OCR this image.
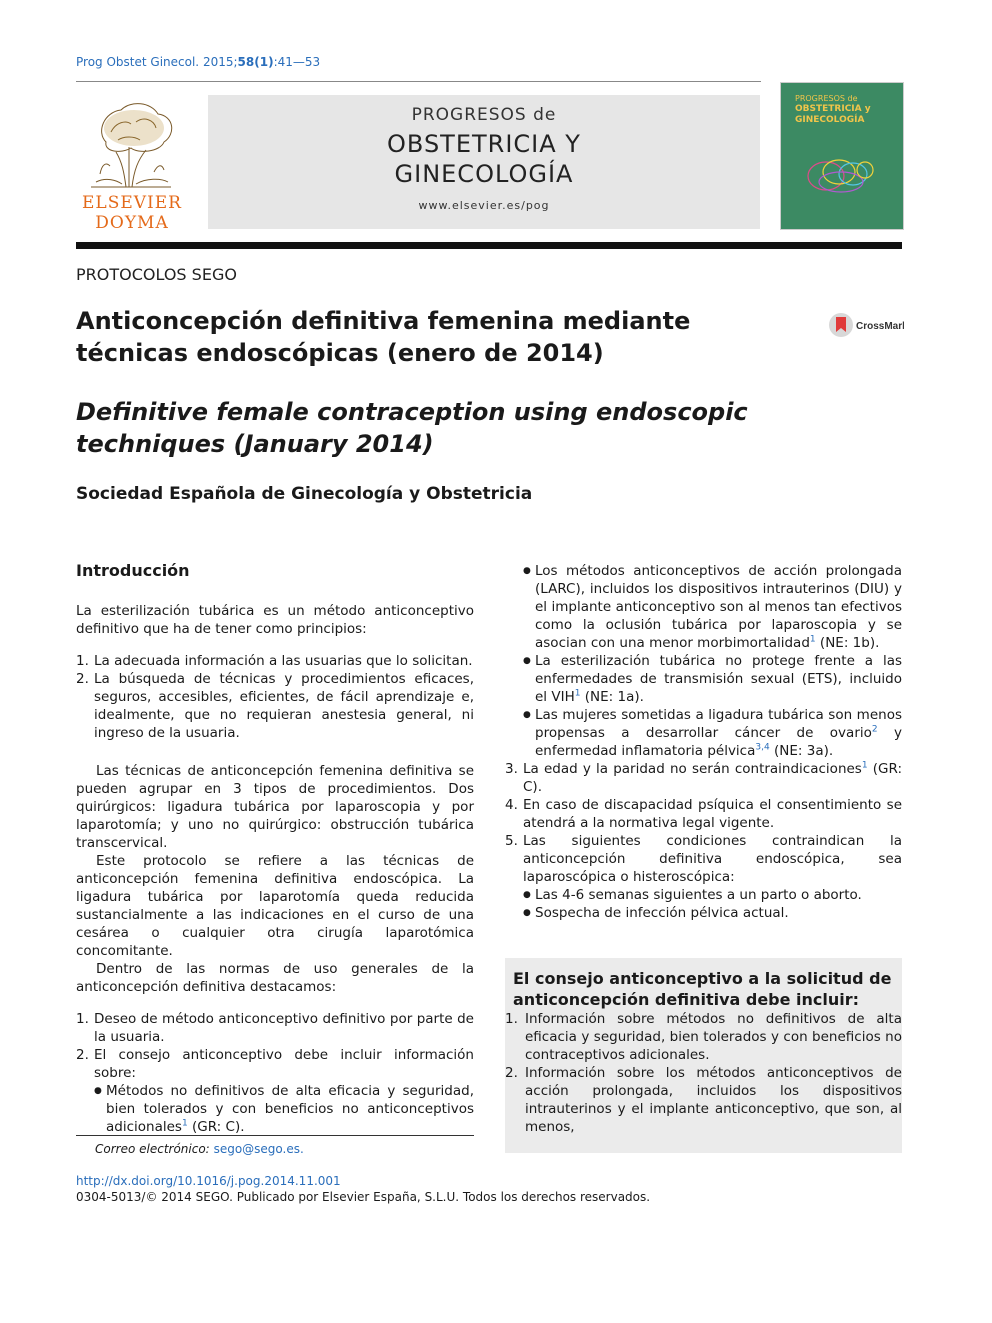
Prog Obstet Ginecol. 2015;58(1):41—53
ELSEVIER
DOYMA
PROGRESOS de
OBSTETRICIA Y
GINECOLOGÍA
www.elsevier.es/pog
PROGRESOS de
OBSTETRICIA y
GINECOLOGÍA
PROTOCOLOS SEGO
Anticoncepción definitiva femenina mediante técnicas endoscópicas (enero de 2014)
CrossMark
Definitive female contraception using endoscopic techniques (January 2014)
Sociedad Española de Ginecología y Obstetricia
Introducción

La esterilización tubárica es un método anticonceptivo definitivo que ha de tener como principios:

1. La adecuada información a las usuarias que lo solicitan.
2. La búsqueda de técnicas y procedimientos eficaces, seguros, accesibles, eficientes, de fácil aprendizaje e, idealmente, que no requieran anestesia general, ni ingreso de la usuaria.

Las técnicas de anticoncepción femenina definitiva se pueden agrupar en 3 tipos de procedimientos. Dos quirúrgicos: ligadura tubárica por laparoscopia y por laparotomía; y uno no quirúrgico: obstrucción tubárica transcervical.

Este protocolo se refiere a las técnicas de anticoncepción femenina definitiva endoscópica. La ligadura tubárica por laparotomía queda reducida sustancialmente a las indicaciones en el curso de una cesárea o cualquier otra cirugía laparotómica concomitante.

Dentro de las normas de uso generales de la anticoncepción definitiva destacamos:

1. Deseo de método anticonceptivo definitivo por parte de la usuaria.
2. El consejo anticonceptivo debe incluir información sobre:
● Métodos no definitivos de alta eficacia y seguridad, bien tolerados y con beneficios no anticonceptivos adicionales$^1$ (GR: C).
● Los métodos anticonceptivos de acción prolongada (LARC), incluidos los dispositivos intrauterinos (DIU) y el implante anticonceptivo son al menos tan efectivos como la oclusión tubárica por laparoscopia y se asocian con una menor morbimortalidad$^1$ (NE: 1b).
● La esterilización tubárica no protege frente a las enfermedades de transmisión sexual (ETS), incluido el VIH$^1$ (NE: 1a).
● Las mujeres sometidas a ligadura tubárica son menos propensas a desarrollar cáncer de ovario$^2$ y enfermedad inflamatoria pélvica$^{3,4}$ (NE: 3a).
3. La edad y la paridad no serán contraindicaciones$^1$ (GR: C).
4. En caso de discapacidad psíquica el consentimiento se atendrá a la normativa legal vigente.
5. Las siguientes condiciones contraindican la anticoncepción definitiva endoscópica, sea laparoscópica o histeroscópica:
● Las 4-6 semanas siguientes a un parto o aborto.
● Sospecha de infección pélvica actual.
El consejo anticonceptivo a la solicitud de anticoncepción definitiva debe incluir:
1. Información sobre métodos no definitivos de alta eficacia y seguridad, bien tolerados y con beneficios no contraceptivos adicionales.
2. Información sobre los métodos anticonceptivos de acción prolongada, incluidos los dispositivos intrauterinos y el implante anticonceptivo, que son, al menos,
Correo electrónico: sego@sego.es.
http://dx.doi.org/10.1016/j.pog.2014.11.001
0304-5013/© 2014 SEGO. Publicado por Elsevier España, S.L.U. Todos los derechos reservados.
